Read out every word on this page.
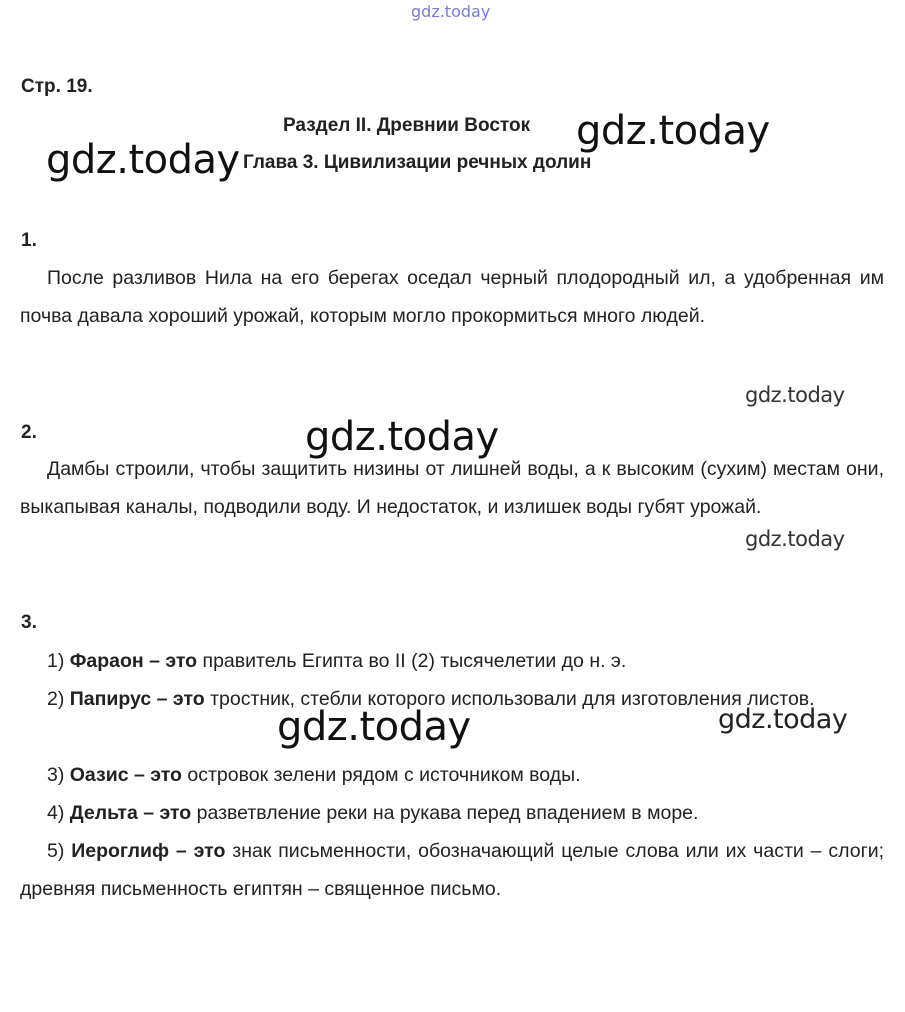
gdz.today
gdz.today
gdz.today
gdz.today
gdz.today
gdz.today
gdz.today	gdz.today
Стр. 19.
Раздел II. Древнии Восток
Глава 3. Цивилизации речных долин
1.

После разливов Нила на его берегах оседал черный плодородный ил, а удобренная им почва давала хороший урожай, которым могло прокормиться много людей.

2.

Дамбы строили, чтобы защитить низины от лишней воды, а к высоким (сухим) местам они, выкапывая каналы, подводили воду. И недостаток, и излишек воды губят урожай.

3.

1) Фараон – это правитель Египта во II (2) тысячелетии до н. э.

2) Папирус – это тростник, стебли которого использовали для изготовления листов.

3) Оазис – это островок зелени рядом с источником воды.

4) Дельта – это разветвление реки на рукава перед впадением в море.

5) Иероглиф – это знак письменности, обозначающий целые слова или их части – слоги; древняя письменность египтян – священное письмо.
